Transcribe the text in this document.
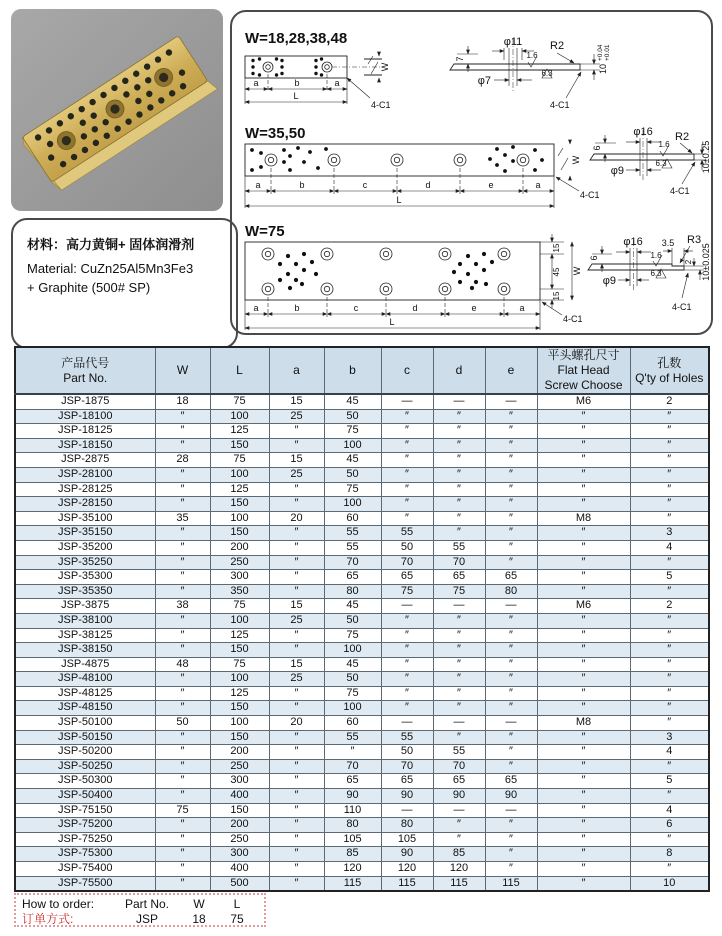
材料：高力黄铜+ 固体润滑剂
Material: CuZn25Al5Mn3Fe3
+ Graphite (500# SP)
W=18,28,38,48
a	b	a
L
W
4-C1
φ11	R2
7
φ7
1.6
6.3	10
+0.04 +0.01
4-C1
W=35,50
a	b	c	d	e	a
L
W
4-C1
φ16 R2
6
φ9
1.6
6.3	10±0.25
4-C1
W=75
a	b	c	d	e	a
L
15
45
15
W
4-C1
φ16 3.5 R3
6
φ9
1.6
6.3
2 10±0.025
4-C1
产品代号
Part No.
	W	L	a	b	c	d	e	
平头螺孔尺寸
Flat Head
Screw Choose

孔数
Q'ty of Holes

JSP-1875	18	75	15	45	—	—	—	M6	2
JSP-18100	″	100	25	50	″	″	″	″	″
JSP-18125	″	125	″	75	″	″	″	″	″
JSP-18150	″	150	″	100	″	″	″	″	″
JSP-2875	28	75	15	45	″	″	″	″	″
JSP-28100	″	100	25	50	″	″	″	″	″
JSP-28125	″	125	″	75	″	″	″	″	″
JSP-28150	″	150	″	100	″	″	″	″	″
JSP-35100	35	100	20	60	″	″	″	M8	″
JSP-35150	″	150	″	55	55	″	″	″	3
JSP-35200	″	200	″	55	50	55	″	″	4
JSP-35250	″	250	″	70	70	70	″	″	″
JSP-35300	″	300	″	65	65	65	65	″	5
JSP-35350	″	350	″	80	75	75	80	″	″
JSP-3875	38	75	15	45	—	—	—	M6	2
JSP-38100	″	100	25	50	″	″	″	″	″
JSP-38125	″	125	″	75	″	″	″	″	″
JSP-38150	″	150	″	100	″	″	″	″	″
JSP-4875	48	75	15	45	″	″	″	″	″
JSP-48100	″	100	25	50	″	″	″	″	″
JSP-48125	″	125	″	75	″	″	″	″	″
JSP-48150	″	150	″	100	″	″	″	″	″
JSP-50100	50	100	20	60	—	—	—	M8	″
JSP-50150	″	150	″	55	55	″	″	″	3
JSP-50200	″	200	″	″	50	55	″	″	4
JSP-50250	″	250	″	70	70	70	″	″	″
JSP-50300	″	300	″	65	65	65	65	″	5
JSP-50400	″	400	″	90	90	90	90	″	″
JSP-75150	75	150	″	110	—	—	—	″	4
JSP-75200	″	200	″	80	80	″	″	″	6
JSP-75250	″	250	″	105	105	″	″	″	″
JSP-75300	″	300	″	85	90	85	″	″	8
JSP-75400	″	400	″	120	120	120	″	″	″
JSP-75500	″	500	″	115	115	115	115	″	10
How to order:	Part No.	W	L
订单方式:	JSP	18	75
